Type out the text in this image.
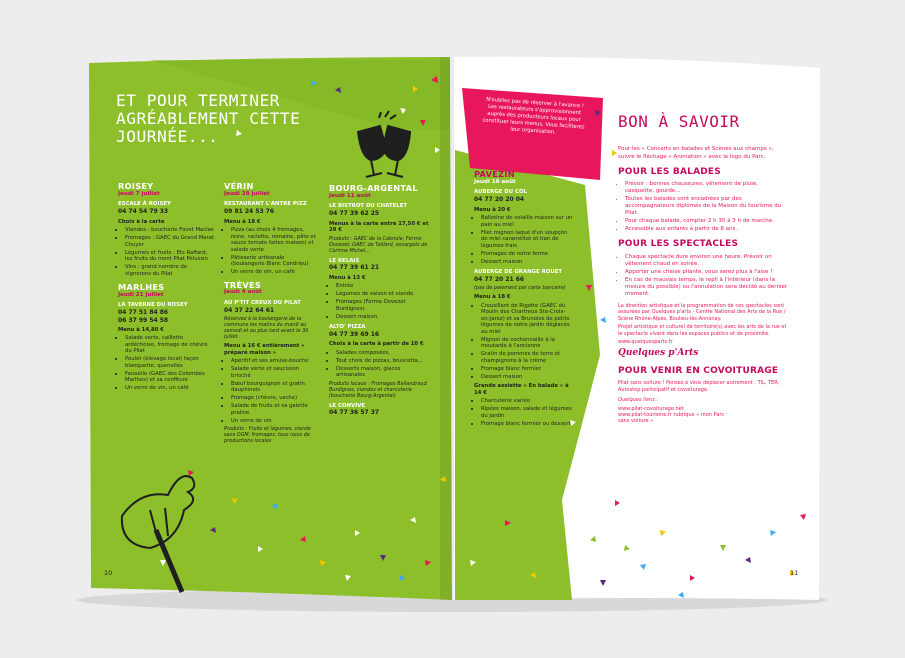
ET POUR TERMINER
AGRÉABLEMENT CETTE
JOURNÉE...
ROISEY
Jeudi 7 juillet
ESCALE À ROISEY
04 74 54 79 33
Choix à la carte
• Viandes : boucherie Fovet Maclas
• Fromages : GAEC du Grand Marat Chuyer
• Légumes et fruits : Ets Raffard, les fruits du mont Pilat Pélussin
• Vins : grand nombre de vignerons du Pilat
MARLHES
Jeudi 21 juillet
LA TAVERNE DU ROSEY
04 77 51 84 86
06 37 99 54 58
Menu à 14,80 €
• Salade verte, caillette ardéchoise, fromage de chèvre du Pilat
• Poulet (élevage local) façon blanquette, quenelles
• Faisselle (GAEC des Colombes Marlhes) et sa confiture
• Un verre de vin, un café
VÉRIN
Jeudi 28 juillet
RESTAURANT L'ANTRE PIZZ
09 81 24 53 76
Menu à 18 €
• Pizza (au choix 4 fromages, reine, raclette, romaine, pâte et sauce tomate faites maison) et salade verte
• Pâtisserie artisanale (boulangerie Blanc Condrieu)
• Un verre de vin, un café
TRÈVES
Jeudi 4 août
AU P'TIT CREUX DU PILAT
04 37 22 64 61
Réservez à la boulangerie de la commune les matins du mardi au samedi et au plus tard avant le 30 juillet.
Menu à 16 € entièrement « préparé maison »
• Apéritif et ses amuse-bouche
• Salade verte et saucisson brioché
• Bœuf bourguignon et gratin dauphinois
• Fromage (chèvre, vache)
• Salade de fruits et sa galette praline
• Un verre de vin
Produits : Fruits et légumes, viande sans OGM, fromages, tous issus de productions locales
BOURG-ARGENTAL
Jeudi 11 août
LE BISTROT DU CHATELET
04 77 39 62 25
Menus à la carte entre 17,50 € et 29 €
Produits : GAEC de la Cabriole, Ferme Dovezet, GAEC de Taillard, escargots de Corinne Michel...
LE RELAIS
04 77 39 61 21
Menu à 13 €
• Entrée
• Légumes de saison et viande
• Fromages (Ferme Dovezet Burdignes)
• Dessert maison
ALTO' PIZZA
04 77 39 69 16
Choix à la carte à partir de 10 €
• Salades composées,
• Tout choix de pizzas, bruscetta...
• Desserts maison, glaces artisanales
Produits locaux : Fromages Ballandraud Burdignes, viandes et charcuterie (boucherie Bourg-Argental)
LE CONVIVE
04 77 36 57 37
10	11
N'oubliez pas de réserver à l'avance ! Les restaurateurs s'approvisionnent auprès des producteurs locaux pour constituer leurs menus. Vous faciliterez leur organisation.
PAVEZIN
Jeudi 18 août
AUBERGE DU COL
04 77 20 20 04
Menu à 20 €
• Ballotine de volaille maison sur un pain au miel
• Filet mignon laqué d'un soupçon de miel caramélisé et tian de légumes frais
• Fromages de notre ferme
• Dessert maison
AUBERGE DE GRANGE ROUET
04 77 20 21 66
(pas de paiement par carte bancaire)
Menu à 18 €
• Crousillant de Rigotte (GAEC du Moulin des Chartreux Ste-Croix-en-Jarez) et sa Brunoise de petits légumes de notre jardin déglacés au miel
• Mignon de cochonnaille à la moutarde à l'ancienne
• Gratin de pommes de terre et champignons à la crème
• Fromage blanc fermier
• Dessert maison
Grande assiette « En balade » à 14 €
• Charcuterie variée
• Rîpées maison, salade et légumes du jardin
• Fromage blanc fermier ou dessert
BON À SAVOIR

Pour les « Concerts en balades et Scènes aux champs », suivre le fléchage « Animation » avec le logo du Parc.

POUR LES BALADES
• Prévoir : bonnes chaussures, vêtement de pluie, casquette, gourde...
• Toutes les balades sont encadrées par des accompagnateurs diplômés de la Maison du tourisme du Pilat.
• Pour chaque balade, compter 2 h 30 à 3 h de marche.
• Accessible aux enfants à partir de 8 ans.
POUR LES SPECTACLES
• Chaque spectacle dure environ une heure. Prévoir un vêtement chaud en soirée.
• Apporter une chaise pliante, vous serez plus à l'aise !
• En cas de mauvais temps, le repli à l'intérieur (dans la mesure du possible) ou l'annulation sera décidé au dernier moment.

La direction artistique et la programmation de ces spectacles sont assurées par Quelques p'arts - Centre National des Arts de la Rue / Scène Rhône-Alpes, Boulieu-lès-Annonay.

Projet artistique et culturel de territoire(s) avec les arts de la rue et le spectacle vivant dans les espaces publics et de proximité.

www.quelquesparts.fr

Quelques p'Arts
POUR VENIR EN COVOITURAGE

Pilat sans voiture ! Pensez à vous déplacer autrement : TIL, TER, Autostop participatif et covoiturage.

Quelques liens :

www.pilat-covoiturage.net

www.pilat-tourisme.fr rubrique « mon Parc sans voiture »
